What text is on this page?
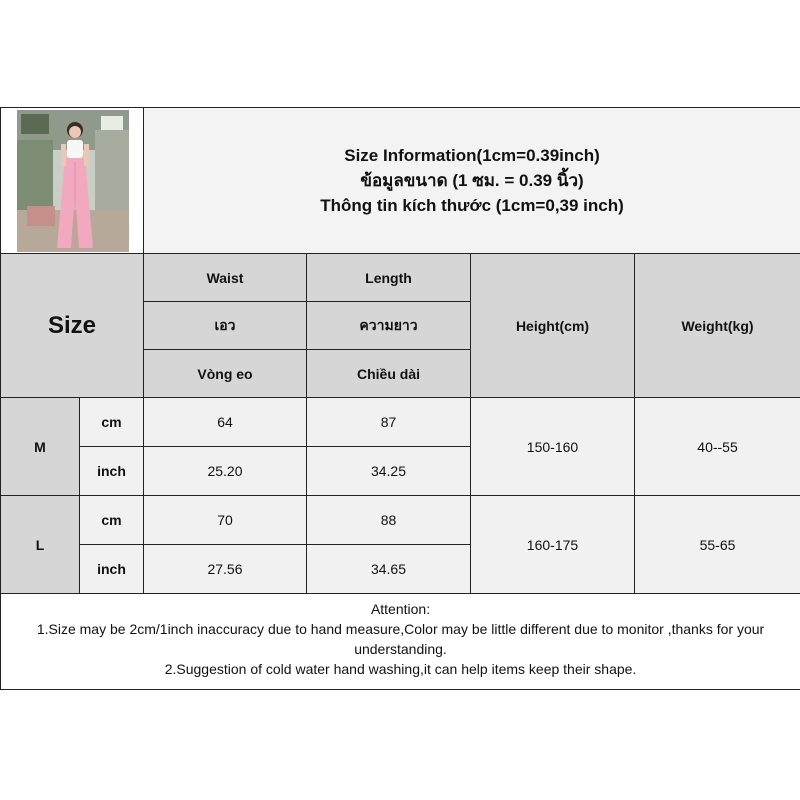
Size Information(1cm=0.39inch)
ข้อมูลขนาด (1 ซม. = 0.39 นิ้ว)
Thông tin kích thước (1cm=0,39 inch)			

Size		Waist	Length	Height(cm)	Weight(kg)
		เอว	ความยาว		
		Vòng eo	Chiều dài		
M	cm	64	87	150-160	40--55
	inch	25.20	34.25		
L	cm	70	88	160-175	55-65
	inch	27.56	34.65		

Attention:
1.Size may be 2cm/1inch inaccuracy due to hand measure,Color may be little different due to monitor ,thanks for your understanding.
2.Suggestion of cold water hand washing,it can help items keep their shape.					
